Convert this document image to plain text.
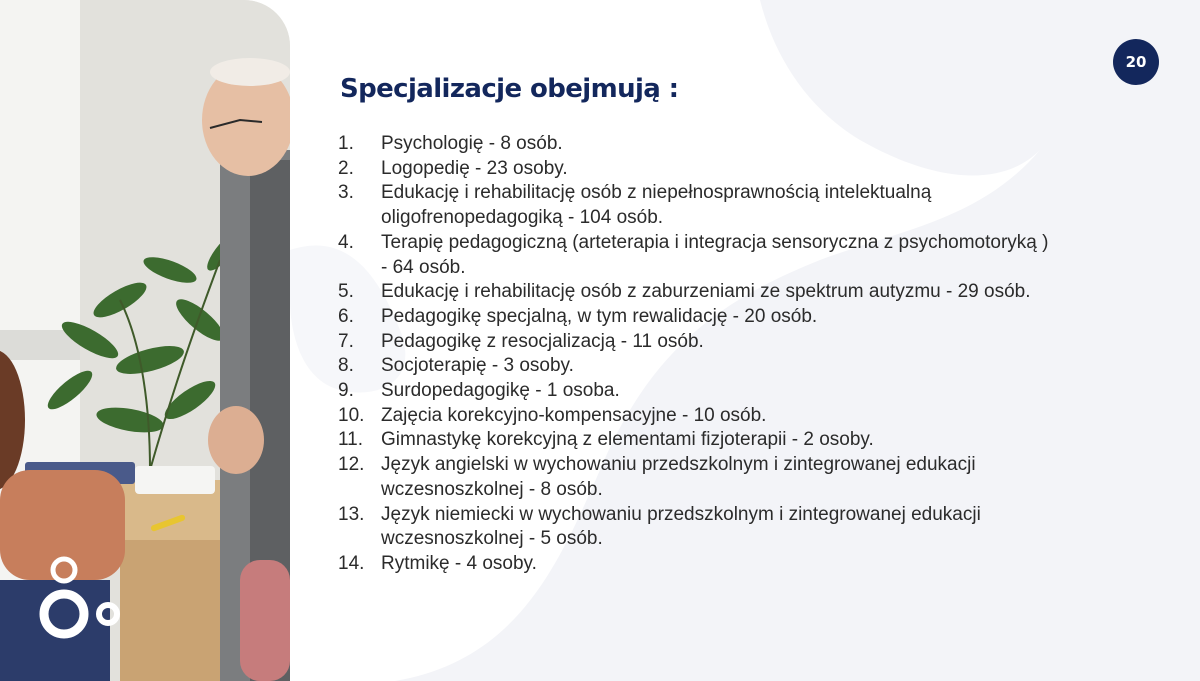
20
Specjalizacje obejmują :
1.	Psychologię - 8 osób.
2.	Logopedię - 23 osoby.
3.	Edukację i rehabilitację osób z niepełnosprawnością intelektualną oligofrenopedagogiką - 104 osób.
4.	Terapię pedagogiczną (arteterapia i integracja sensoryczna z psychomotoryką ) - 64 osób.
5.	Edukację i rehabilitację osób z zaburzeniami ze spektrum autyzmu - 29 osób.
6.	Pedagogikę specjalną, w tym rewalidację - 20 osób.
7.	Pedagogikę z resocjalizacją - 11 osób.
8.	Socjoterapię - 3 osoby.
9.	Surdopedagogikę - 1 osoba.
10. Zajęcia korekcyjno-kompensacyjne - 10 osób.
11. Gimnastykę korekcyjną z elementami fizjoterapii - 2 osoby.
12. Język angielski w wychowaniu przedszkolnym i zintegrowanej edukacji wczesnoszkolnej - 8 osób.
13. Język niemiecki w wychowaniu przedszkolnym i zintegrowanej edukacji wczesnoszkolnej - 5 osób.
14. Rytmikę - 4 osoby.
